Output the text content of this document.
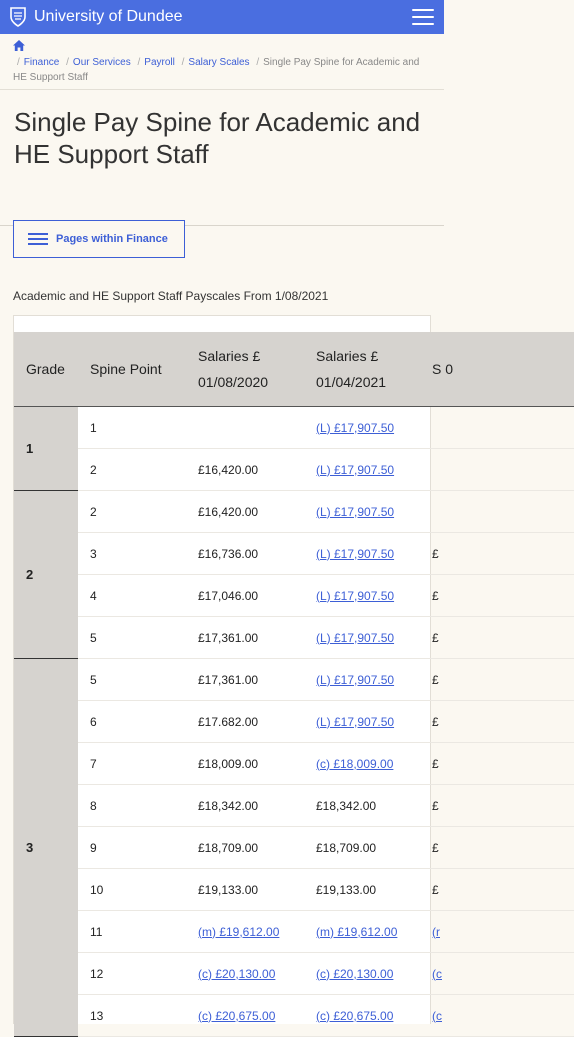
University of Dundee

/ Finance / Our Services / Payroll / Salary Scales / Single Pay Spine for Academic and HE Support Staff
Single Pay Spine for Academic and HE Support Staff
Pages within Finance

Academic and HE Support Staff Payscales From 1/08/2021

Grade	Spine Point	Salaries £ 01/08/2020	Salaries £ 01/04/2021	S 0
1	1		(L) £17,907.50	
	2	£16,420.00	(L) £17,907.50	
2	2	£16,420.00	(L) £17,907.50	
	3	£16,736.00	(L) £17,907.50	£
	4	£17,046.00	(L) £17,907.50	£
	5	£17,361.00	(L) £17,907.50	£
3	5	£17,361.00	(L) £17,907.50	£
	6	£17.682.00	(L) £17,907.50	£
	7	£18,009.00	(c) £18,009.00	£
	8	£18,342.00	£18,342.00	£
	9	£18,709.00	£18,709.00	£
	10	£19,133.00	£19,133.00	£
	11	(m) £19,612.00	(m) £19,612.00	(r
	12	(c) £20,130.00	(c) £20,130.00	(c
	13	(c) £20,675.00	(c) £20,675.00	(c
